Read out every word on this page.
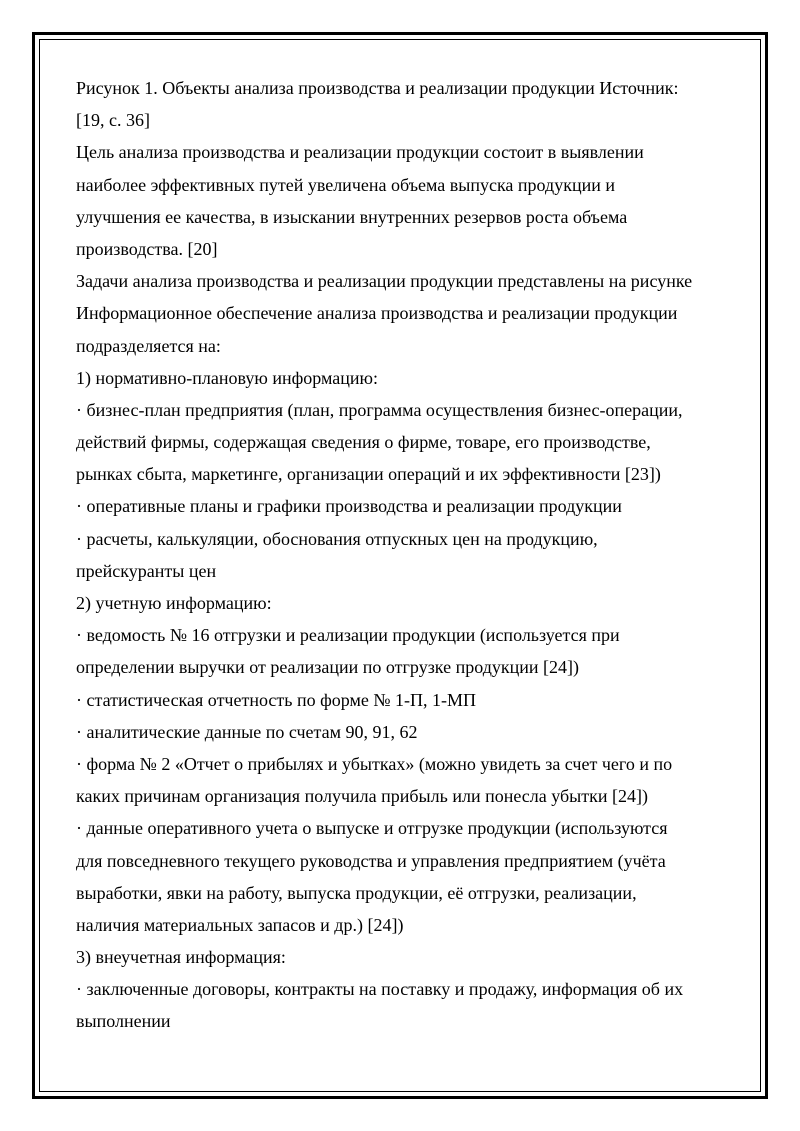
Рисунок 1. Объекты анализа производства и реализации продукции Источник:
[19, с. 36]
Цель анализа производства и реализации продукции состоит в выявлении
наиболее эффективных путей увеличена объема выпуска продукции и
улучшения ее качества, в изыскании внутренних резервов роста объема
производства. [20]
Задачи анализа производства и реализации продукции представлены на рисунке
Информационное обеспечение анализа производства и реализации продукции
подразделяется на:
1) нормативно-плановую информацию:
· бизнес-план предприятия (план, программа осуществления бизнес-операции,
действий фирмы, содержащая сведения о фирме, товаре, его производстве,
рынках сбыта, маркетинге, организации операций и их эффективности [23])
· оперативные планы и графики производства и реализации продукции
· расчеты, калькуляции, обоснования отпускных цен на продукцию,
прейскуранты цен
2) учетную информацию:
· ведомость № 16 отгрузки и реализации продукции (используется при
определении выручки от реализации по отгрузке продукции [24])
· статистическая отчетность по форме № 1-П, 1-МП
· аналитические данные по счетам 90, 91, 62
· форма № 2 «Отчет о прибылях и убытках» (можно увидеть за счет чего и по
каких причинам организация получила прибыль или понесла убытки [24])
· данные оперативного учета о выпуске и отгрузке продукции (используются
для повседневного текущего руководства и управления предприятием (учёта
выработки, явки на работу, выпуска продукции, её отгрузки, реализации,
наличия материальных запасов и др.) [24])
3) внеучетная информация:
· заключенные договоры, контракты на поставку и продажу, информация об их
выполнении
